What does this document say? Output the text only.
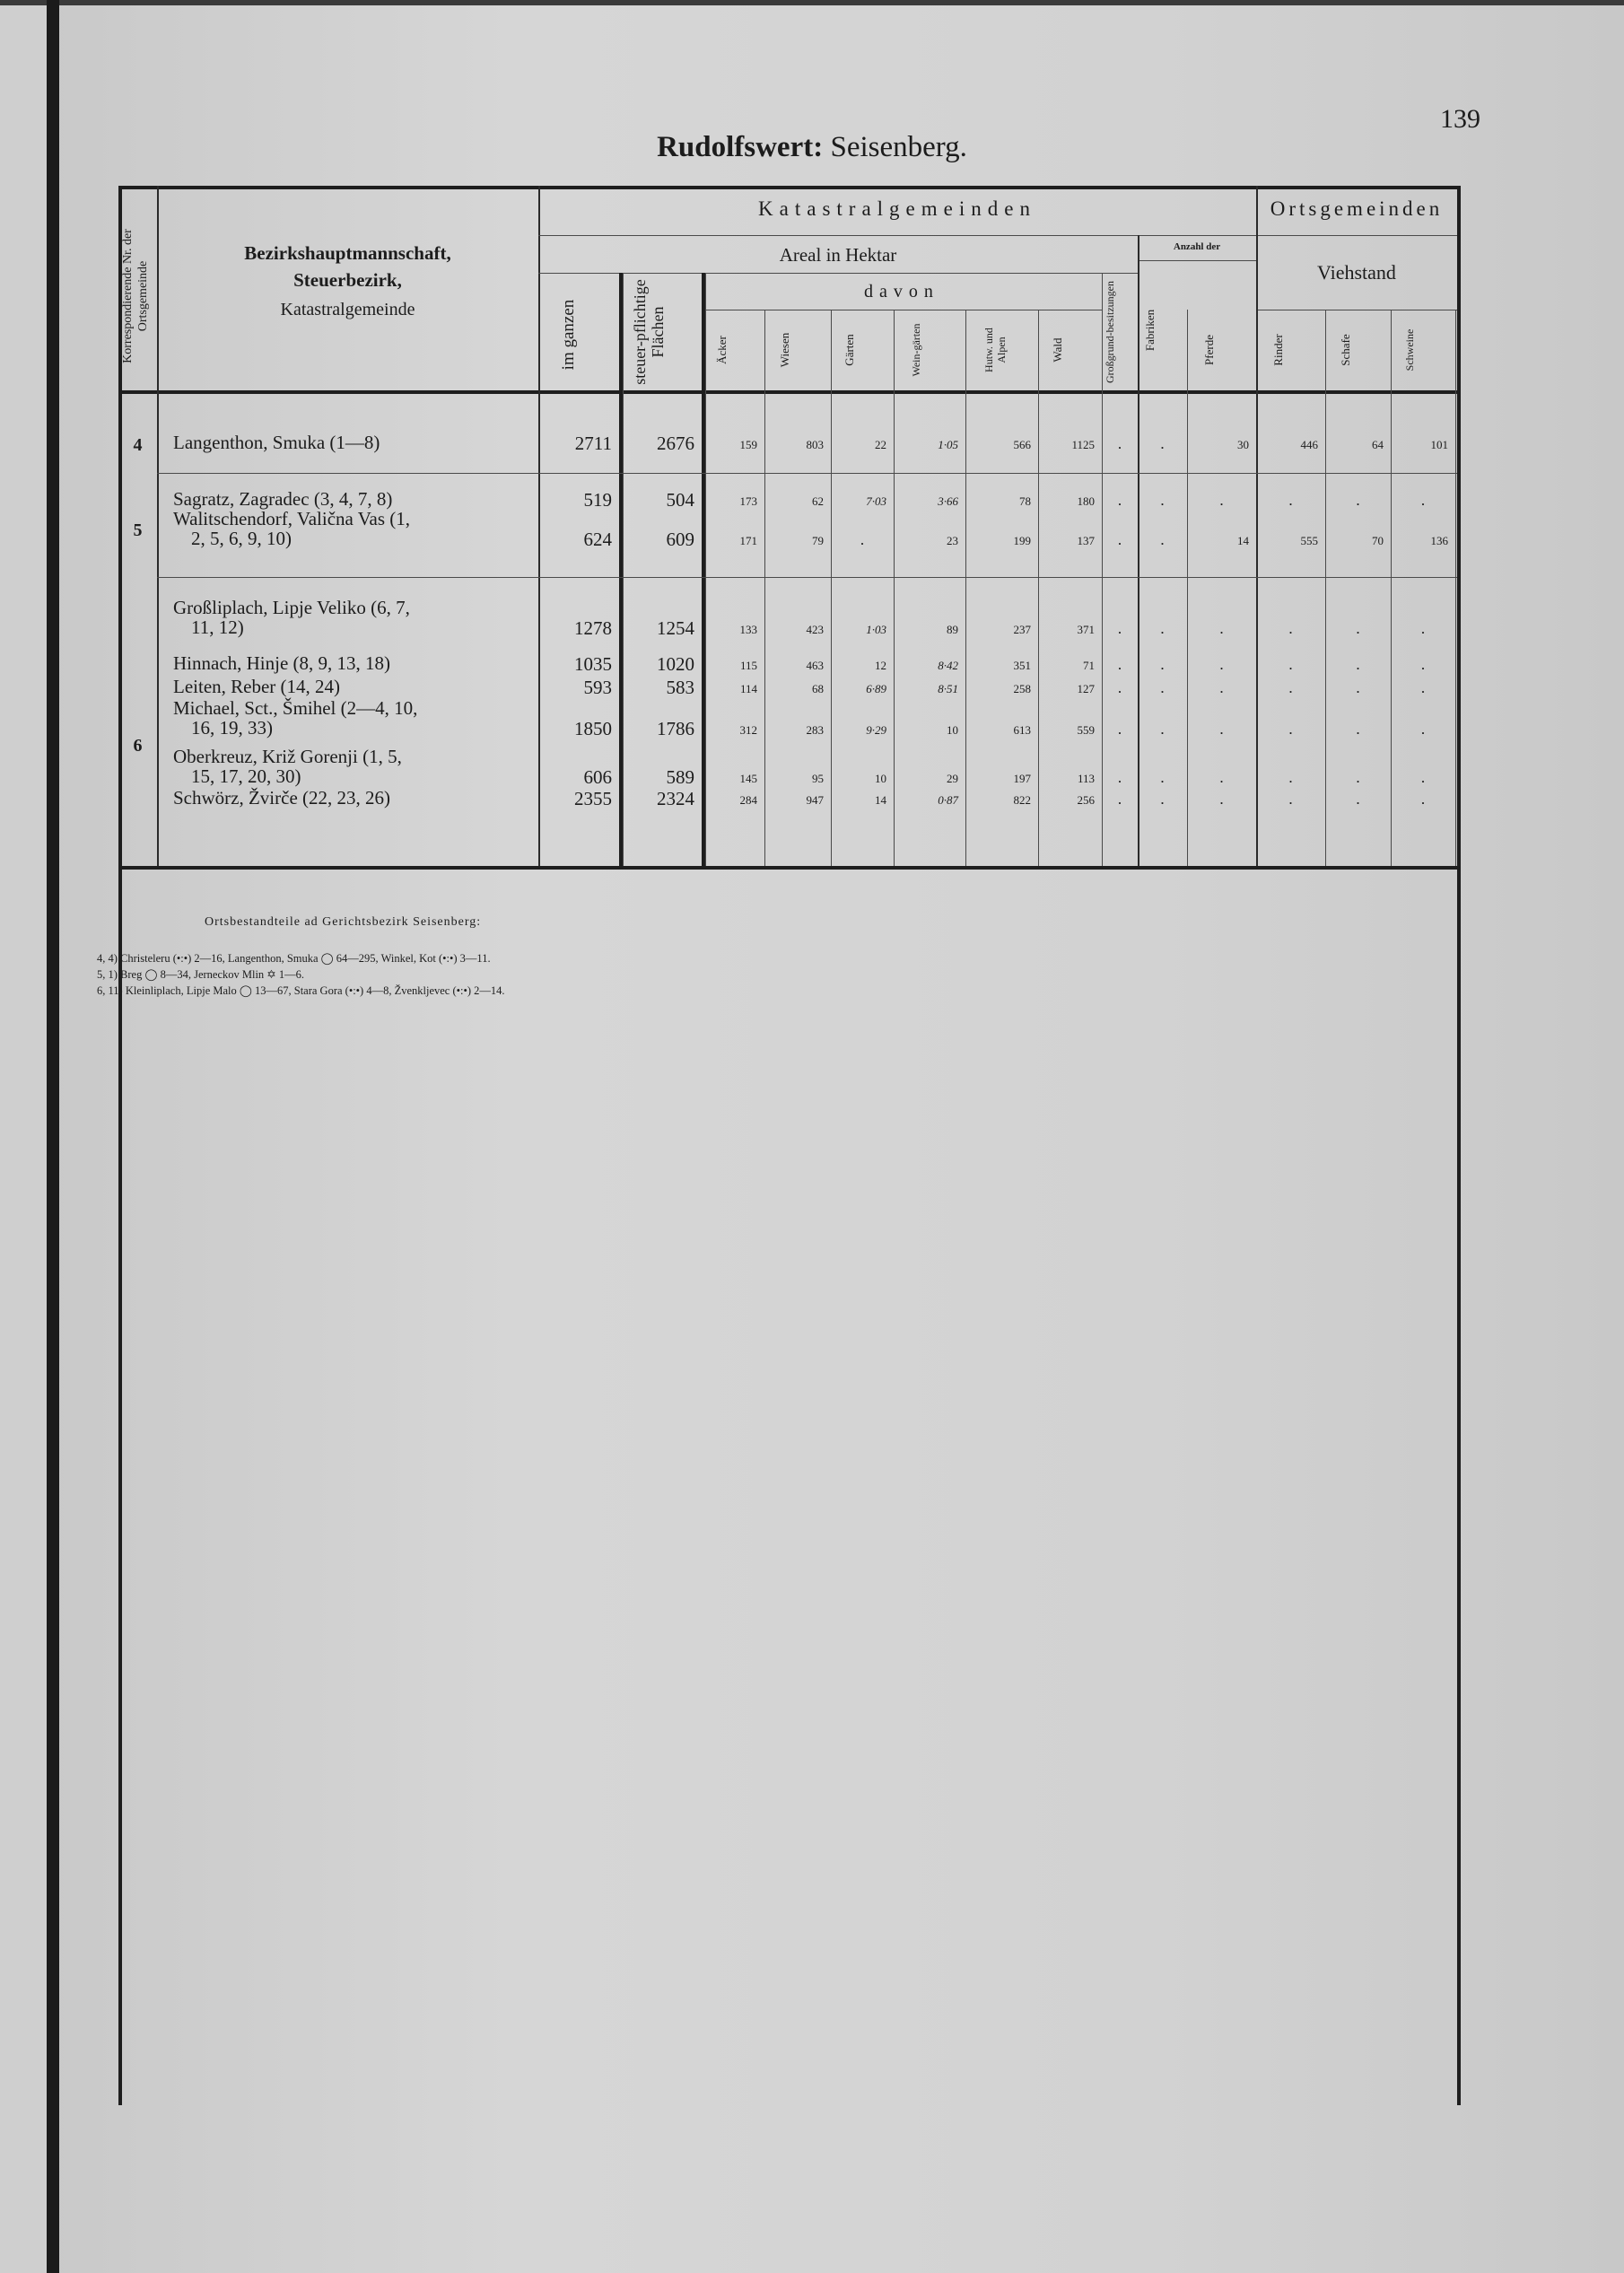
Rudolfswert: Seisenberg.
139
Korrespondierende Nr. der Ortsgemeinde
Bezirkshauptmannschaft,
Steuerbezirk,
Katastralgemeinde
Katastralgemeinden	Ortsgemeinden
Areal in Hektar	Anzahl der
Viehstand
davon
im ganzen	steuer-pflichtige Flächen	Äcker	Wiesen	Gärten	Wein-gärten	Hutw. und Alpen	Wald	Großgrund-besitzungen	Fabriken	Pferde	Rinder	Schafe	Schweine
4	Langenthon, Smuka (1—8)	2711	2676	159	803	22	1·05	566	1125	.	.	30	446	64	101
5
Sagratz, Zagradec (3, 4, 7, 8)	519	504	173	62	7·03	3·66	78	180	.	.	.	.	.	.
Walitschendorf, Valična Vas (1,
2, 5, 6, 9, 10)	624	609	171	79	.	23	199	137	.	.	14	555	70	136
6
Großliplach, Lipje Veliko (6, 7,
11, 12)	1278	1254	133	423	1·03	89	237	371	.	.	.	.	.	.
Hinnach, Hinje (8, 9, 13, 18)	1035	1020	115	463	12	8·42	351	71	.	.	.	.	.	.
Leiten, Reber (14, 24)	593	583	114	68	6·89	8·51	258	127	.	.	.	.	.	.
Michael, Sct., Šmihel (2—4, 10,
16, 19, 33)	1850	1786	312	283	9·29	10	613	559	.	.	.	.	.	.
Oberkreuz, Križ Gorenji (1, 5,
15, 17, 20, 30)	606	589	145	95	10	29	197	113	.	.	.	.	.	.
Schwörz, Žvirče (22, 23, 26)	2355	2324	284	947	14	0·87	822	256	.	.	.	.	.	.
Ortsbestandteile ad Gerichtsbezirk Seisenberg:
4, 4) Christeleru (•:•) 2—16, Langenthon, Smuka ◯ 64—295, Winkel, Kot (•:•) 3—11.
5, 1) Breg ◯ 8—34, Jerneckov Mlin ✡ 1—6.
6, 11) Kleinliplach, Lipje Malo ◯ 13—67, Stara Gora (•:•) 4—8, Žvenkljevec (•:•) 2—14.
